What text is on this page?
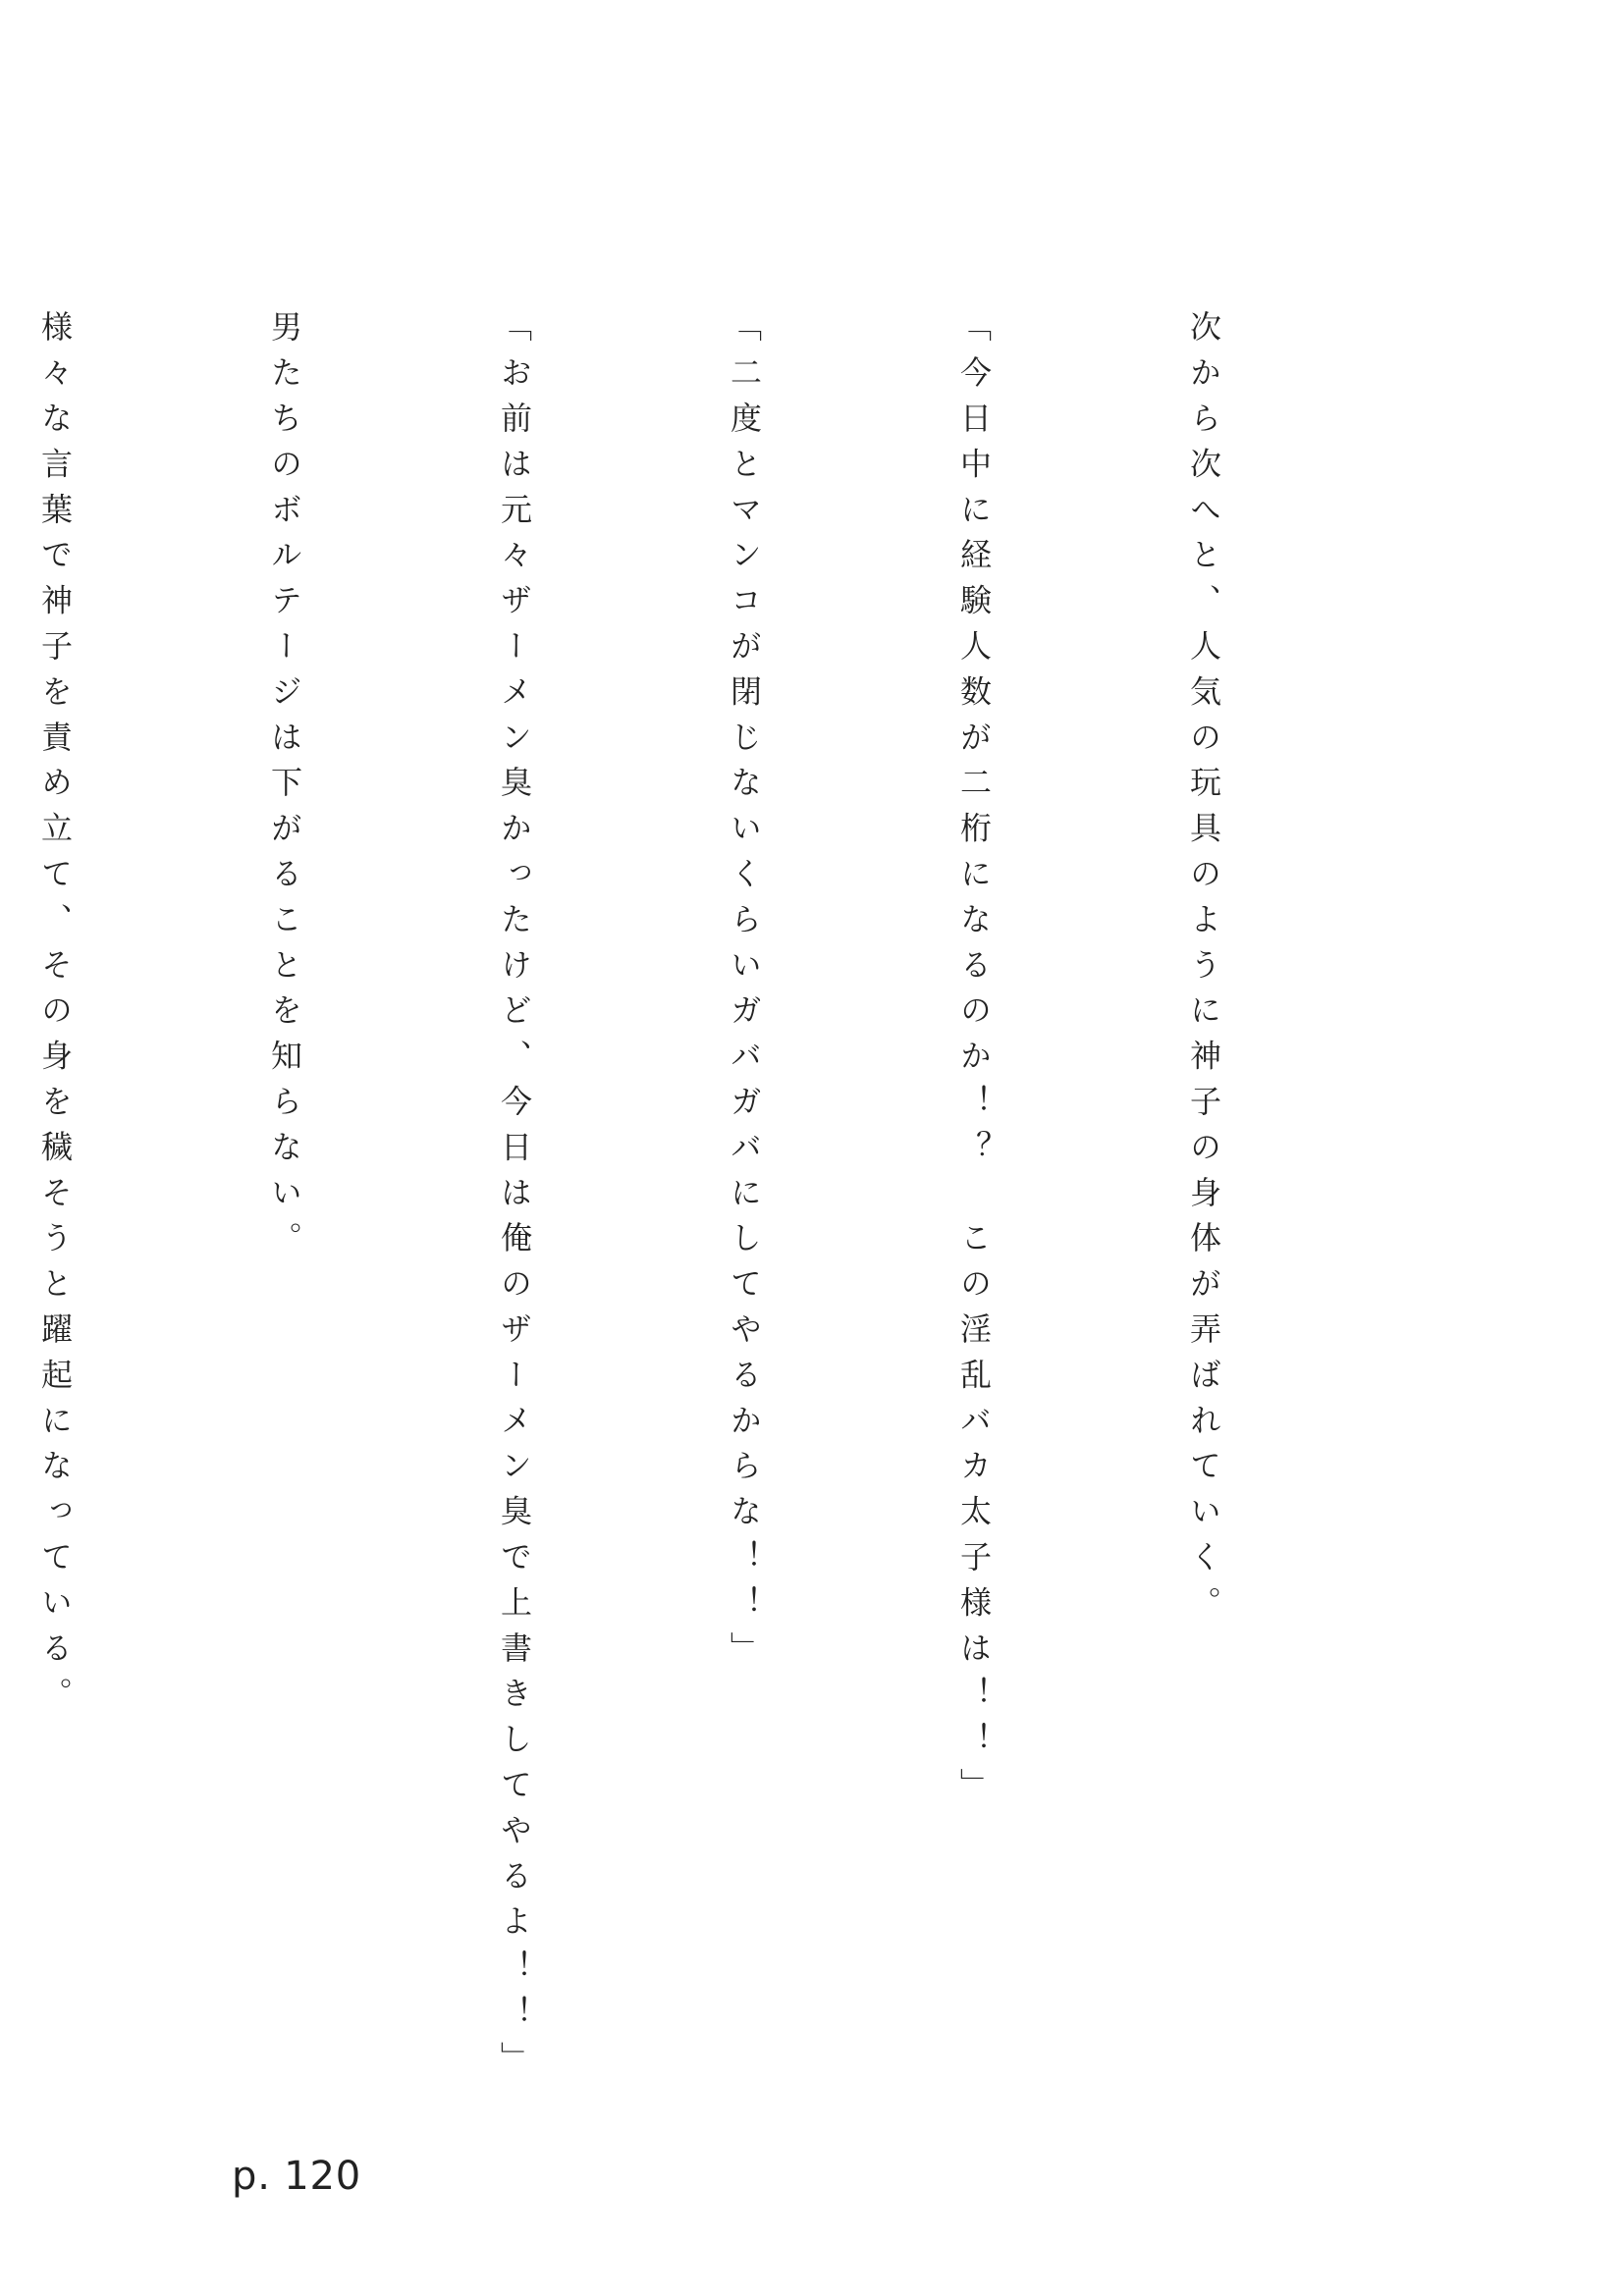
次から次へと、人気の玩具のように神子の身体が弄ばれていく。

「今日中に経験人数が二桁になるのか！？　この淫乱バカ太子様は！！」

「二度とマンコが閉じないくらいガバガバにしてやるからな！！」

「お前は元々ザーメン臭かったけど、今日は俺のザーメン臭で上書きしてやるよ！！」

男たちのボルテージは下がることを知らない。

様々な言葉で神子を責め立て、その身を穢そうと躍起になっている。

p. 120
